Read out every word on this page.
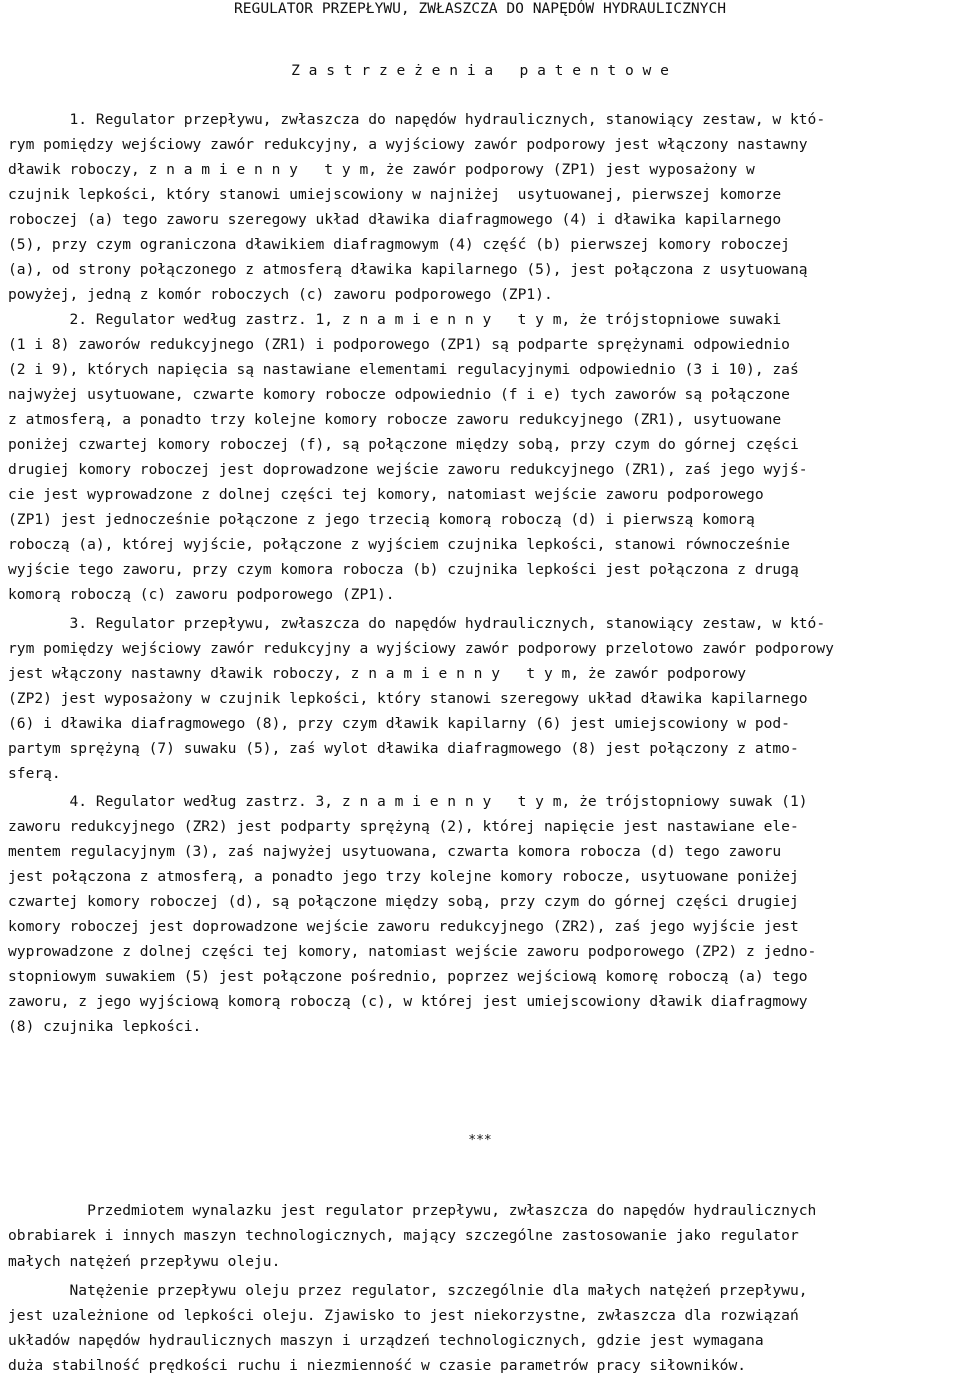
REGULATOR PRZEPŁYWU, ZWŁASZCZA DO NAPĘDÓW HYDRAULICZNYCH
Z a s t r z e ż e n i a   p a t e n t o w e
1. Regulator przepływu, zwłaszcza do napędów hydraulicznych, stanowiący zestaw, w któ-
rym pomiędzy wejściowy zawór redukcyjny, a wyjściowy zawór podporowy jest włączony nastawny
dławik roboczy, z n a m i e n n y   t y m, że zawór podporowy (ZP1) jest wyposażony w
czujnik lepkości, który stanowi umiejscowiony w najniżej  usytuowanej, pierwszej komorze
roboczej (a) tego zaworu szeregowy układ dławika diafragmowego (4) i dławika kapilarnego
(5), przy czym ograniczona dławikiem diafragmowym (4) część (b) pierwszej komory roboczej
(a), od strony połączonego z atmosferą dławika kapilarnego (5), jest połączona z usytuowaną
powyżej, jedną z komór roboczych (c) zaworu podporowego (ZP1).
2. Regulator według zastrz. 1, z n a m i e n n y   t y m, że trójstopniowe suwaki
(1 i 8) zaworów redukcyjnego (ZR1) i podporowego (ZP1) są podparte sprężynami odpowiednio
(2 i 9), których napięcia są nastawiane elementami regulacyjnymi odpowiednio (3 i 10), zaś
najwyżej usytuowane, czwarte komory robocze odpowiednio (f i e) tych zaworów są połączone
z atmosferą, a ponadto trzy kolejne komory robocze zaworu redukcyjnego (ZR1), usytuowane
poniżej czwartej komory roboczej (f), są połączone między sobą, przy czym do górnej części
drugiej komory roboczej jest doprowadzone wejście zaworu redukcyjnego (ZR1), zaś jego wyjś-
cie jest wyprowadzone z dolnej części tej komory, natomiast wejście zaworu podporowego
(ZP1) jest jednocześnie połączone z jego trzecią komorą roboczą (d) i pierwszą komorą
roboczą (a), której wyjście, połączone z wyjściem czujnika lepkości, stanowi równocześnie
wyjście tego zaworu, przy czym komora robocza (b) czujnika lepkości jest połączona z drugą
komorą roboczą (c) zaworu podporowego (ZP1).
3. Regulator przepływu, zwłaszcza do napędów hydraulicznych, stanowiący zestaw, w któ-
rym pomiędzy wejściowy zawór redukcyjny a wyjściowy zawór podporowy przelotowo zawór podporowy
jest włączony nastawny dławik roboczy, z n a m i e n n y   t y m, że zawór podporowy
(ZP2) jest wyposażony w czujnik lepkości, który stanowi szeregowy układ dławika kapilarnego
(6) i dławika diafragmowego (8), przy czym dławik kapilarny (6) jest umiejscowiony w pod-
partym sprężyną (7) suwaku (5), zaś wylot dławika diafragmowego (8) jest połączony z atmo-
sferą.
4. Regulator według zastrz. 3, z n a m i e n n y   t y m, że trójstopniowy suwak (1)
zaworu redukcyjnego (ZR2) jest podparty sprężyną (2), której napięcie jest nastawiane ele-
mentem regulacyjnym (3), zaś najwyżej usytuowana, czwarta komora robocza (d) tego zaworu
jest połączona z atmosferą, a ponadto jego trzy kolejne komory robocze, usytuowane poniżej
czwartej komory roboczej (d), są połączone między sobą, przy czym do górnej części drugiej
komory roboczej jest doprowadzone wejście zaworu redukcyjnego (ZR2), zaś jego wyjście jest
wyprowadzone z dolnej części tej komory, natomiast wejście zaworu podporowego (ZP2) z jedno-
stopniowym suwakiem (5) jest połączone pośrednio, poprzez wejściową komorę roboczą (a) tego
zaworu, z jego wyjściową komorą roboczą (c), w której jest umiejscowiony dławik diafragmowy
(8) czujnika lepkości.
***
Przedmiotem wynalazku jest regulator przepływu, zwłaszcza do napędów hydraulicznych
obrabiarek i innych maszyn technologicznych, mający szczególne zastosowanie jako regulator
małych natężeń przepływu oleju.
Natężenie przepływu oleju przez regulator, szczególnie dla małych natężeń przepływu,
jest uzależnione od lepkości oleju. Zjawisko to jest niekorzystne, zwłaszcza dla rozwiązań
układów napędów hydraulicznych maszyn i urządzeń technologicznych, gdzie jest wymagana
duża stabilność prędkości ruchu i niezmienność w czasie parametrów pracy siłowników.
